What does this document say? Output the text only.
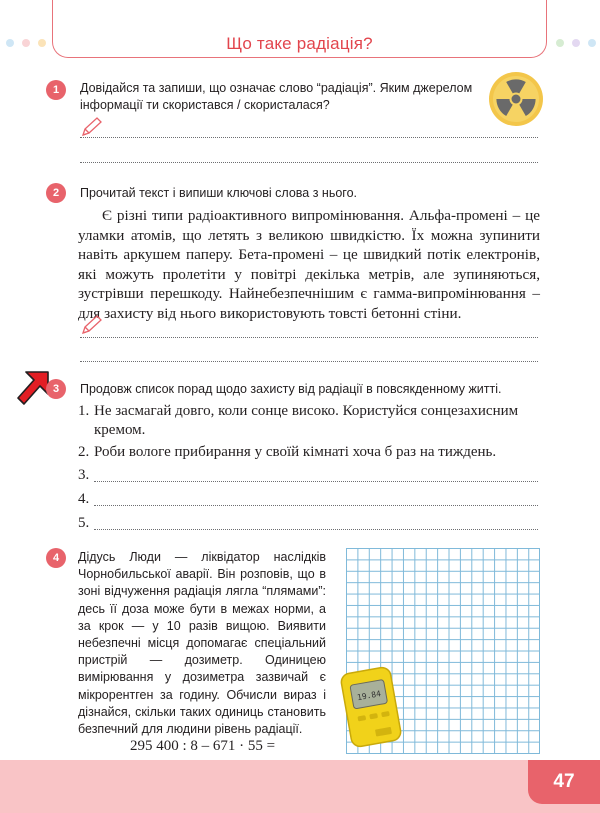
Що таке радіація?
1	Довідайся та запиши, що означає слово “радіація”. Яким джерелом
інформації ти скористався / скористалася?
2	Прочитай текст і випиши ключові слова з нього.
Є різні типи радіоактивного випромінювання. Альфа-промені – це уламки атомів, що летять з великою швидкістю. Їх можна зупинити навіть аркушем паперу. Бета-промені – це швидкий потік електронів, які можуть пролетіти у повітрі декілька метрів, але зупиняються, зустрівши перешкоду. Найнебезпечнішим є гамма-випромінювання – для захисту від нього використовують товсті бетонні стіни.
3	Продовж список порад щодо захисту від радіації в повсякденному житті.
1. Не засмагай довго, коли сонце високо. Користуйся сонцезахисним
кремом.
2. Роби вологе прибирання у своїй кімнаті хоча б раз на тиждень.
3.
4.
5.
4	Дідусь Люди — ліквідатор наслідків Чорнобильської аварії. Він розповів, що в зоні відчуження радіація лягла “плямами”: десь її доза може бути в межах норми, а за крок — у 10 разів вищою. Виявити небезпечні місця допомагає спеціальний пристрій — дозиметр. Одиницею вимірювання у дозиметра зазвичай є мікрорентген за годину. Обчисли вираз і дізнайся, скільки таких одиниць становить безпечний для людини рівень радіації.
295 400 : 8 – 671 · 55 =
19.84
47
